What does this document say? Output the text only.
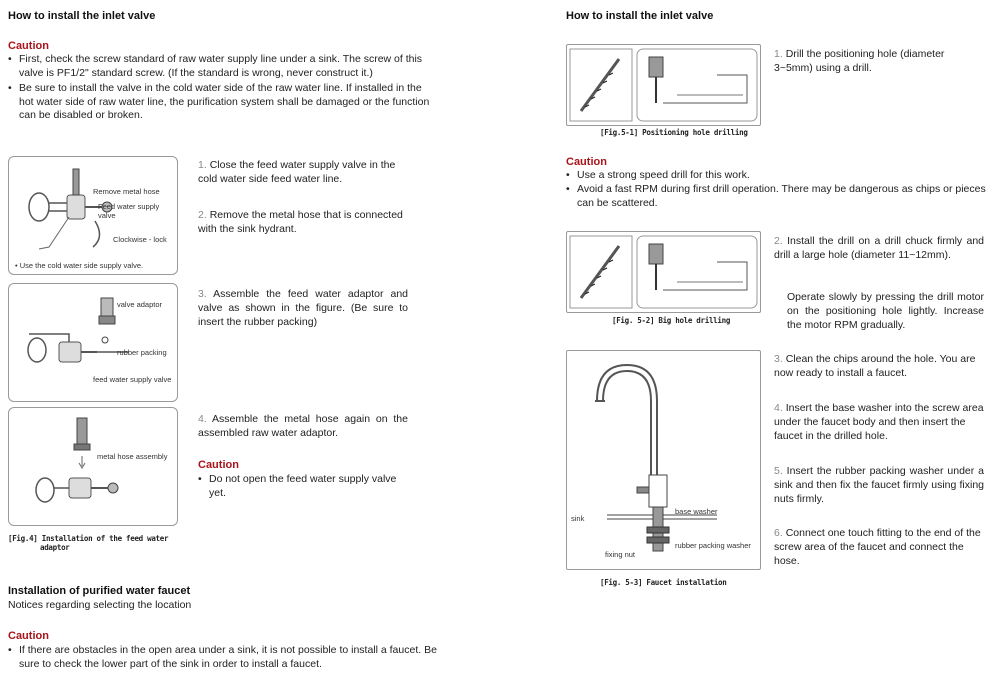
How to install the inlet valve
Caution
• First, check the screw standard of raw water supply line under a sink. The screw of this valve is PF1/2" standard screw. (If the standard is wrong, never construct it.)
• Be sure to install the valve in the cold water side of the raw water line. If installed in the hot water side of raw water line, the purification system shall be damaged or the function can be disabled or broken.
Remove metal hose
Feed water supply valve
Clockwise - lock
• Use the cold water side supply valve.
valve adaptor
rubber packing
feed water supply valve
metal hose assembly
[Fig.4] Installation of the feed water
adaptor
1. Close the feed water supply valve in the cold water side feed water line.
2. Remove the metal hose that is connected with the sink hydrant.
3. Assemble the feed water adaptor and valve as shown in the figure. (Be sure to insert the rubber packing)
4. Assemble the metal hose again on the assembled raw water adaptor.
Caution
• Do not open the feed water supply valve yet.
Installation of purified water faucet
Notices regarding selecting the location
Caution
• If there are obstacles in the open area under a sink, it is not possible to install a faucet. Be sure to check the lower part of the sink in order to install a faucet.
How to install the inlet valve
[Fig.5-1] Positioning hole drilling
1. Drill the positioning hole (diameter 3~5mm) using a drill.
Caution
• Use a strong speed drill for this work.
• Avoid a fast RPM during first drill operation. There may be dangerous as chips or pieces can be scattered.
[Fig. 5-2] Big hole drilling
2. Install the drill on a drill chuck firmly and drill a large hole (diameter 11~12mm).
Operate slowly by pressing the drill motor on the positioning hole lightly. Increase the motor RPM gradually.
base washer
sink
rubber packing washer
fixing nut
[Fig. 5-3] Faucet installation
3. Clean the chips around the hole. You are now ready to install a faucet.
4. Insert the base washer into the screw area under the faucet body and then insert the faucet in the drilled hole.
5. Insert the rubber packing washer under a sink and then fix the faucet firmly using fixing nuts firmly.
6. Connect one touch fitting to the end of the screw area of the faucet and connect the hose.
